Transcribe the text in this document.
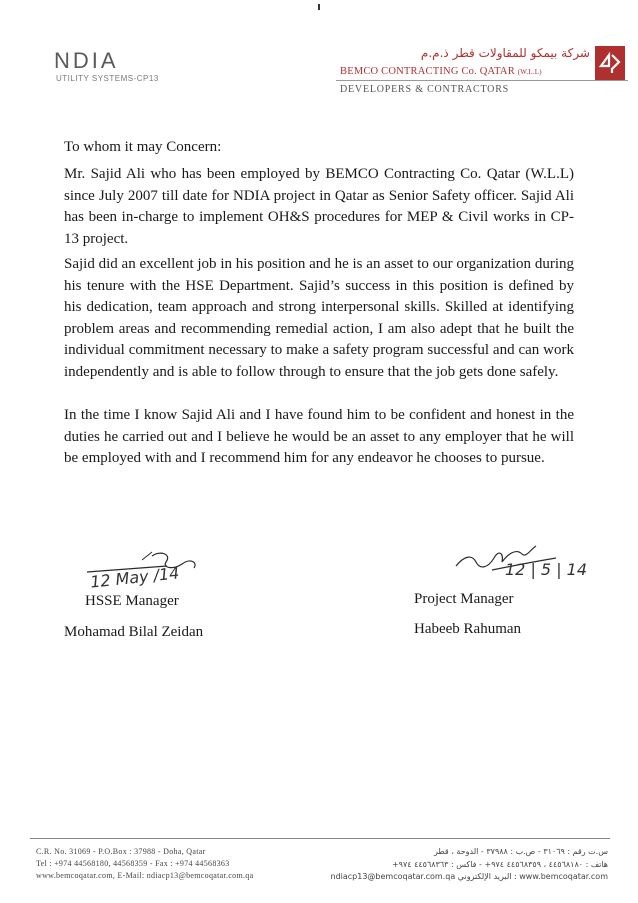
NDIA
UTILITY SYSTEMS-CP13
شركة بيمكو للمقاولات قطر ذ.م.م
BEMCO CONTRACTING Co. QATAR (W.L.L)
DEVELOPERS & CONTRACTORS
To whom it may Concern:
Mr. Sajid Ali who has been employed by BEMCO Contracting Co. Qatar (W.L.L) since July 2007 till date for NDIA project in Qatar as Senior Safety officer. Sajid Ali has been in-charge to implement OH&S procedures for MEP & Civil works in CP-13 project.
Sajid did an excellent job in his position and he is an asset to our organization during his tenure with the HSE Department. Sajid’s success in this position is defined by his dedication, team approach and strong interpersonal skills. Skilled at identifying problem areas and recommending remedial action, I am also adept that he built the individual commitment necessary to make a safety program successful and can work independently and is able to follow through to ensure that the job gets done safely.
In the time I know Sajid Ali and I have found him to be confident and honest in the duties he carried out and I believe he would be an asset to any employer that he will be employed with and I recommend him for any endeavor he chooses to pursue.
12 May /14	12 | 5 | 14
HSSE Manager
Mohamad Bilal Zeidan
Project Manager
Habeeb Rahuman
C.R. No. 31069 - P.O.Box : 37988 - Doha, Qatar
Tel : +974 44568180, 44568359 - Fax : +974 44568363
www.bemcoqatar.com, E-Mail: ndiacp13@bemcoqatar.com.qa
س.ت رقم : ٣١٠٦٩ - ص.ب : ٣٧٩٨٨ - الدوحة ، قطر
هاتف : ٤٤٥٦٨١٨٠ ، ٤٤٥٦٨٣٥٩ ٩٧٤+ - فاكس : ٤٤٥٦٨٣٦٣ ٩٧٤+
www.bemcoqatar.com : البريد الإلكتروني ndiacp13@bemcoqatar.com.qa
